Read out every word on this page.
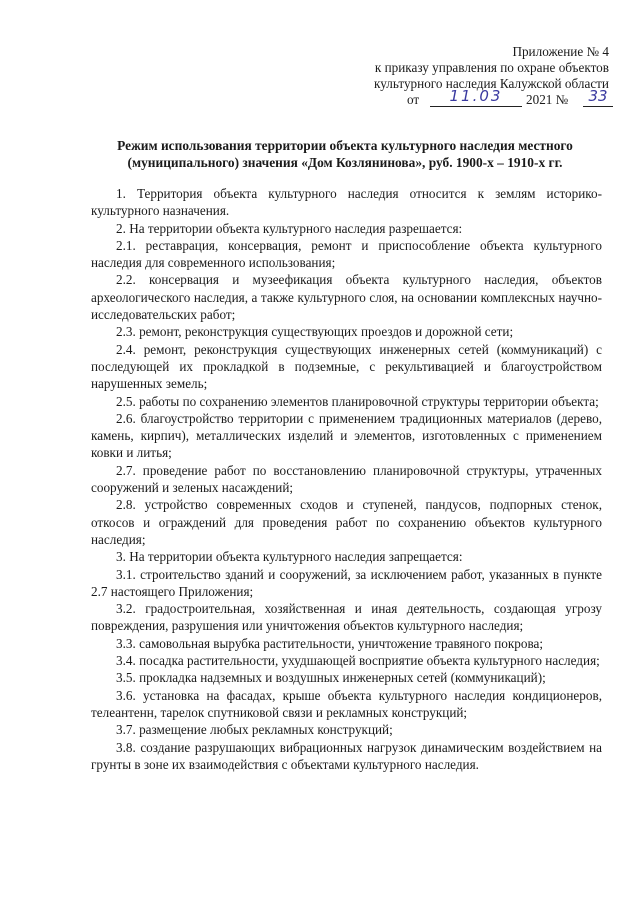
Приложение № 4
к приказу управления по охране объектов
культурного наследия Калужской области
от	11.03	2021 №	33
Режим использования территории объекта культурного наследия местного
(муниципального) значения «Дом Козлянинова», руб. 1900-х – 1910-х гг.

1. Территория объекта культурного наследия относится к землям историко-культурного назначения.

2. На территории объекта культурного наследия разрешается:

2.1. реставрация, консервация, ремонт и приспособление объекта культурного наследия для современного использования;

2.2. консервация и музеефикация объекта культурного наследия, объектов археологического наследия, а также культурного слоя, на основании комплексных научно-исследовательских работ;

2.3. ремонт, реконструкция существующих проездов и дорожной сети;

2.4. ремонт, реконструкция существующих инженерных сетей (коммуникаций) с последующей их прокладкой в подземные, с рекультивацией и благоустройством нарушенных земель;

2.5. работы по сохранению элементов планировочной структуры территории объекта;

2.6. благоустройство территории с применением традиционных материалов (дерево, камень, кирпич), металлических изделий и элементов, изготовленных с применением ковки и литья;

2.7. проведение работ по восстановлению планировочной структуры, утраченных сооружений и зеленых насаждений;

2.8. устройство современных сходов и ступеней, пандусов, подпорных стенок, откосов и ограждений для проведения работ по сохранению объектов культурного наследия;

3. На территории объекта культурного наследия запрещается:

3.1. строительство зданий и сооружений, за исключением работ, указанных в пункте 2.7 настоящего Приложения;

3.2. градостроительная, хозяйственная и иная деятельность, создающая угрозу повреждения, разрушения или уничтожения объектов культурного наследия;

3.3. самовольная вырубка растительности, уничтожение травяного покрова;

3.4. посадка растительности, ухудшающей восприятие объекта культурного наследия;

3.5. прокладка надземных и воздушных инженерных сетей (коммуникаций);

3.6. установка на фасадах, крыше объекта культурного наследия кондиционеров, телеантенн, тарелок спутниковой связи и рекламных конструкций;

3.7. размещение любых рекламных конструкций;

3.8. создание разрушающих вибрационных нагрузок динамическим воздействием на грунты в зоне их взаимодействия с объектами культурного наследия.
